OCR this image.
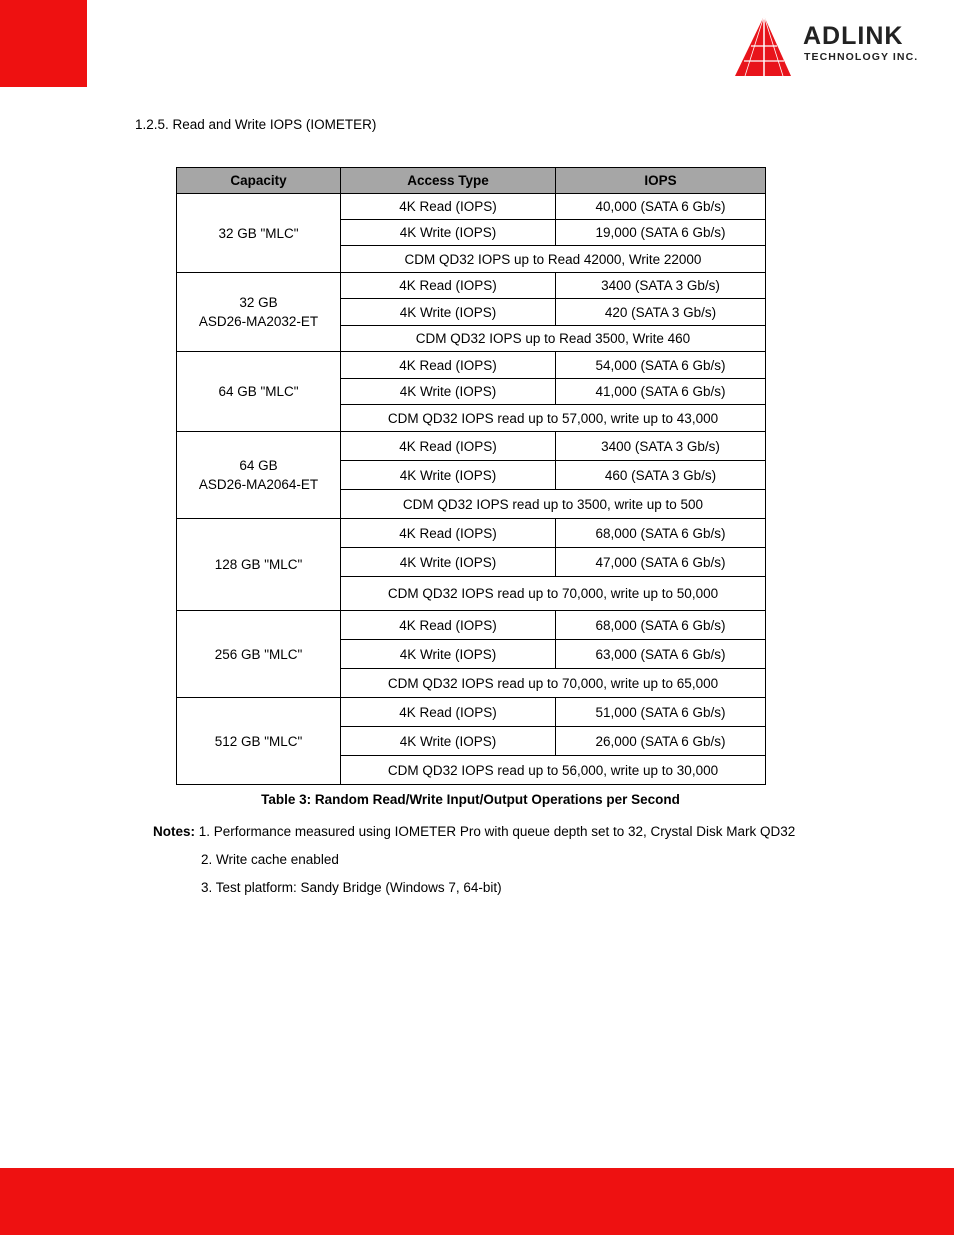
ADLINK
TECHNOLOGY INC.
1.2.5. Read and Write IOPS (IOMETER)
Capacity	Access Type	IOPS
32 GB "MLC"	4K Read (IOPS)	40,000 (SATA 6 Gb/s)
	4K Write (IOPS)	19,000 (SATA 6 Gb/s)
	CDM QD32 IOPS up to Read 42000, Write 22000	
32 GB
ASD26-MA2032-ET	4K Read (IOPS)	3400 (SATA 3 Gb/s)
	4K Write (IOPS)	420 (SATA 3 Gb/s)
	CDM QD32 IOPS up to Read 3500, Write 460	
64 GB "MLC"	4K Read (IOPS)	54,000 (SATA 6 Gb/s)
	4K Write (IOPS)	41,000 (SATA 6 Gb/s)
	CDM QD32 IOPS read up to 57,000, write up to 43,000	
64 GB
ASD26-MA2064-ET	4K Read (IOPS)	3400 (SATA 3 Gb/s)
	4K Write (IOPS)	460 (SATA 3 Gb/s)
	CDM QD32 IOPS read up to 3500, write up to 500	
128 GB "MLC"	4K Read (IOPS)	68,000 (SATA 6 Gb/s)
	4K Write (IOPS)	47,000 (SATA 6 Gb/s)
	CDM QD32 IOPS read up to 70,000, write up to 50,000	
256 GB "MLC"	4K Read (IOPS)	68,000 (SATA 6 Gb/s)
	4K Write (IOPS)	63,000 (SATA 6 Gb/s)
	CDM QD32 IOPS read up to 70,000, write up to 65,000	
512 GB "MLC"	4K Read (IOPS)	51,000 (SATA 6 Gb/s)
	4K Write (IOPS)	26,000 (SATA 6 Gb/s)
	CDM QD32 IOPS read up to 56,000, write up to 30,000	
Table 3: Random Read/Write Input/Output Operations per Second
Notes: 1. Performance measured using IOMETER Pro with queue depth set to 32, Crystal Disk Mark QD32
2. Write cache enabled
3. Test platform: Sandy Bridge (Windows 7, 64-bit)
